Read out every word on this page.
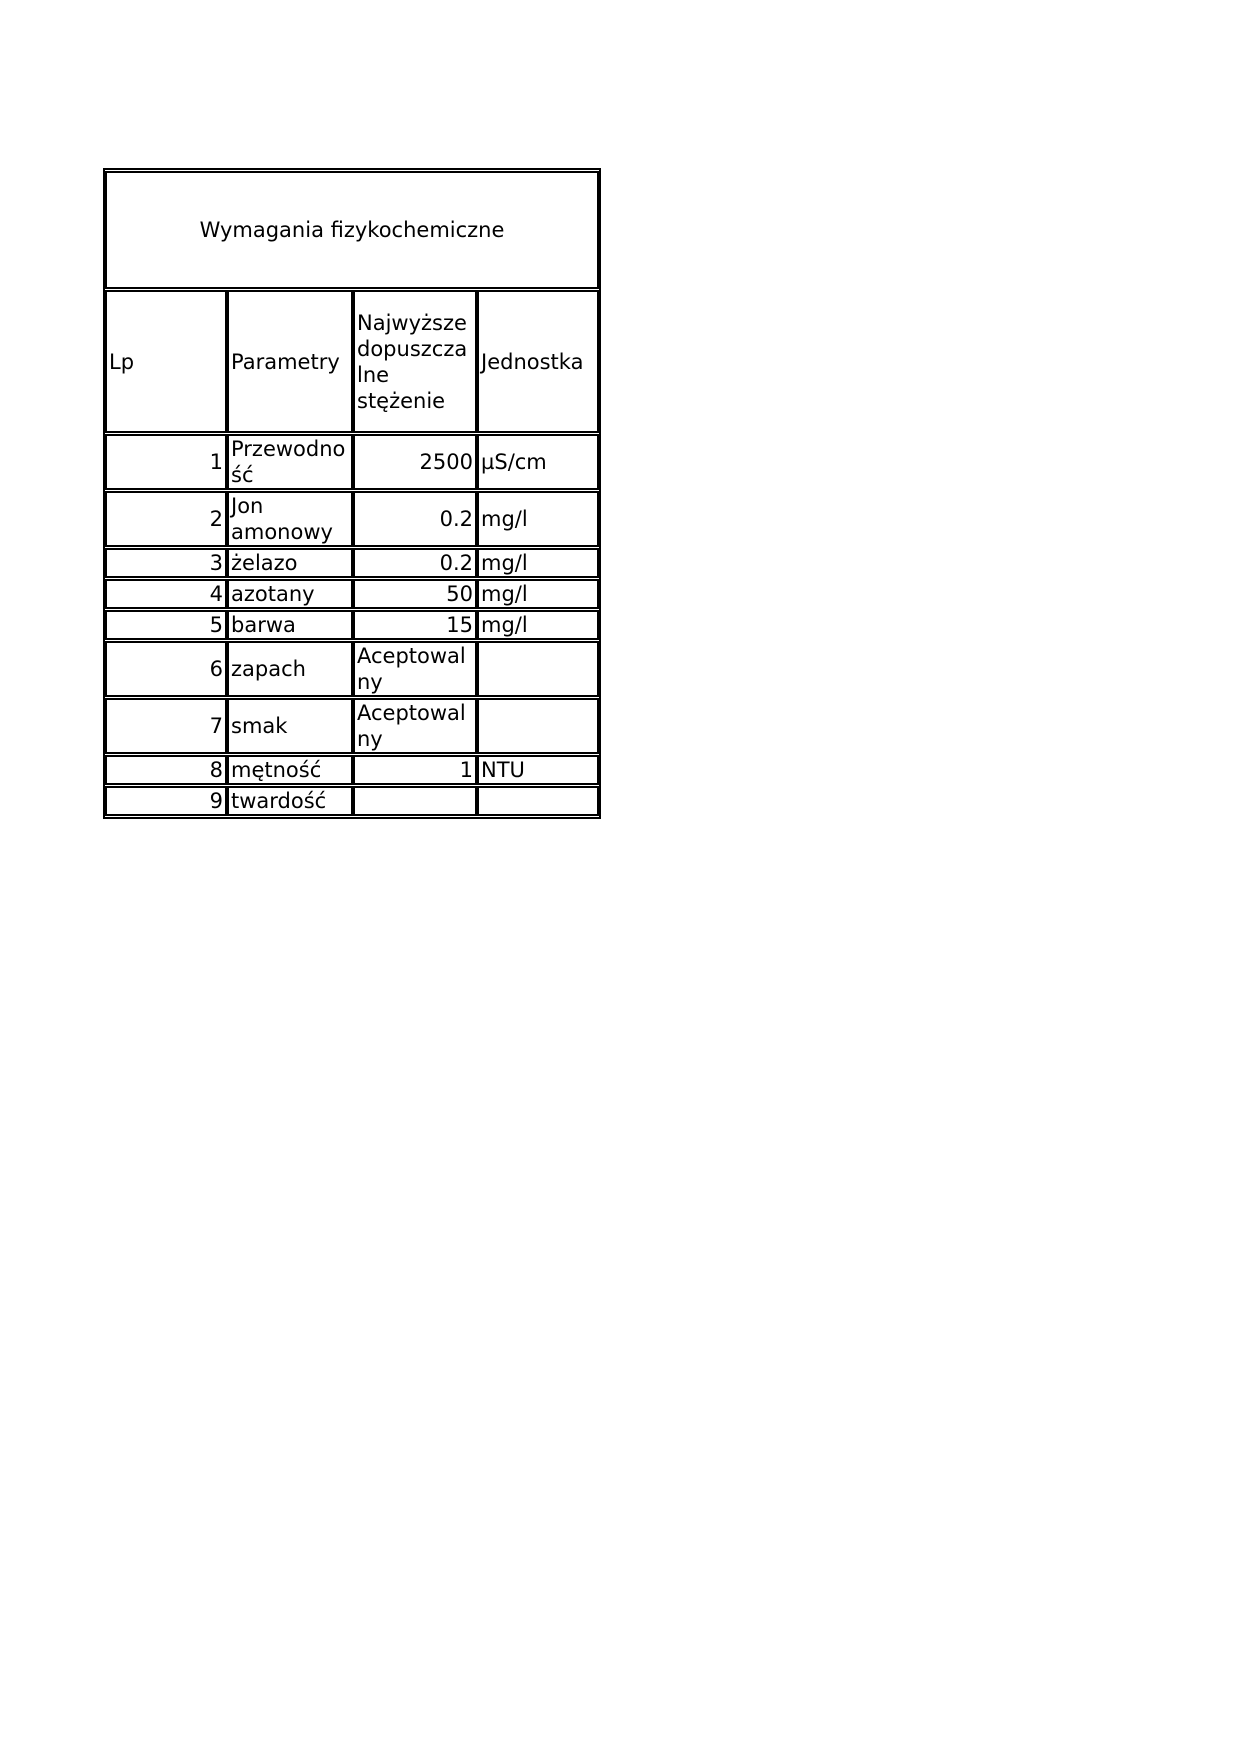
Wymagania fizykochemiczne			
Lp	Parametry	Najwyższe dopuszczalne stężenie	Jednostka
1	Przewodność	2500	µS/cm
2	Jon amonowy	0.2	mg/l
3	żelazo	0.2	mg/l
4	azotany	50	mg/l
5	barwa	15	mg/l
6	zapach	Aceptowalny	
7	smak	Aceptowalny	
8	mętność	1	NTU
9	twardość		
